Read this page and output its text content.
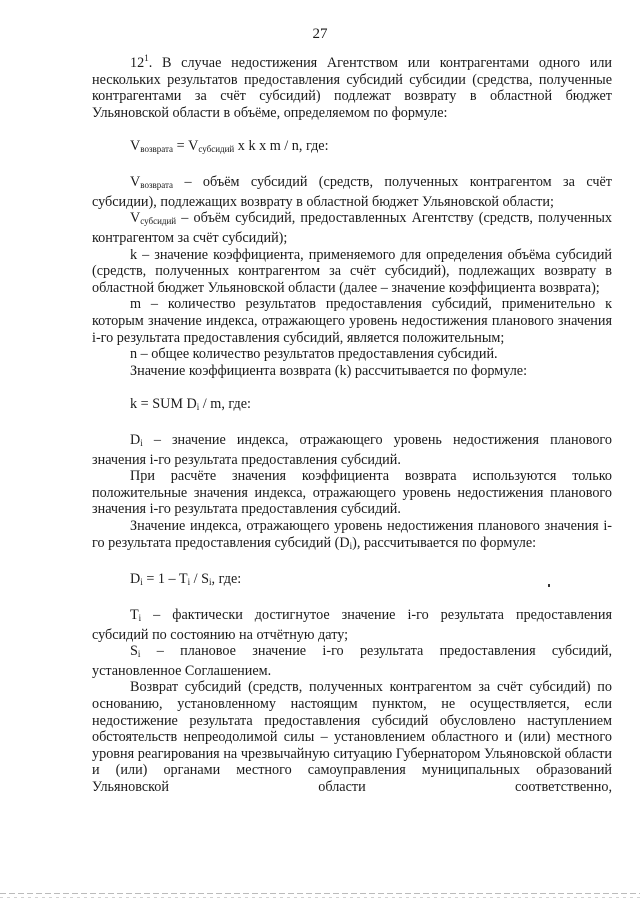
27

$12^1$. В случае недостижения Агентством или контрагентами одного или нескольких результатов предоставления субсидий субсидии (средства, полученные контрагентами за счёт субсидий) подлежат возврату в областной бюджет Ульяновской области в объёме, определяемом по формуле:

$V_{возврата} = V_{субсидий}$ х k х m / n, где:

$V_{возврата}$ – объём субсидий (средств, полученных контрагентом за счёт субсидии), подлежащих возврату в областной бюджет Ульяновской области;

$V_{субсидий}$ – объём субсидий, предоставленных Агентству (средств, полученных контрагентом за счёт субсидий);

k – значение коэффициента, применяемого для определения объёма субсидий (средств, полученных контрагентом за счёт субсидий), подлежащих возврату в областной бюджет Ульяновской области (далее – значение коэффициента возврата);

m – количество результатов предоставления субсидий, применительно к которым значение индекса, отражающего уровень недостижения планового значения i-го результата предоставления субсидий, является положительным;

n – общее количество результатов предоставления субсидий.

Значение коэффициента возврата (k) рассчитывается по формуле:

k = SUM $D_i$ / m, где:

$D_i$ – значение индекса, отражающего уровень недостижения планового значения i-го результата предоставления субсидий.

При расчёте значения коэффициента возврата используются только положительные значения индекса, отражающего уровень недостижения планового значения i-го результата предоставления субсидий.

Значение индекса, отражающего уровень недостижения планового значения i-го результата предоставления субсидий $(D_i)$, рассчитывается по формуле:

$D_i = 1 - T_i / S_i$, где:

$T_i$ – фактически достигнутое значение i-го результата предоставления субсидий по состоянию на отчётную дату;

$S_i$ – плановое значение i-го результата предоставления субсидий, установленное Соглашением.

Возврат субсидий (средств, полученных контрагентом за счёт субсидий) по основанию, установленному настоящим пунктом, не осуществляется, если недостижение результата предоставления субсидий обусловлено наступлением обстоятельств непреодолимой силы – установлением областного и (или) местного уровня реагирования на чрезвычайную ситуацию Губернатором Ульяновской области и (или) органами местного самоуправления муниципальных образований Ульяновской области соответственно,
